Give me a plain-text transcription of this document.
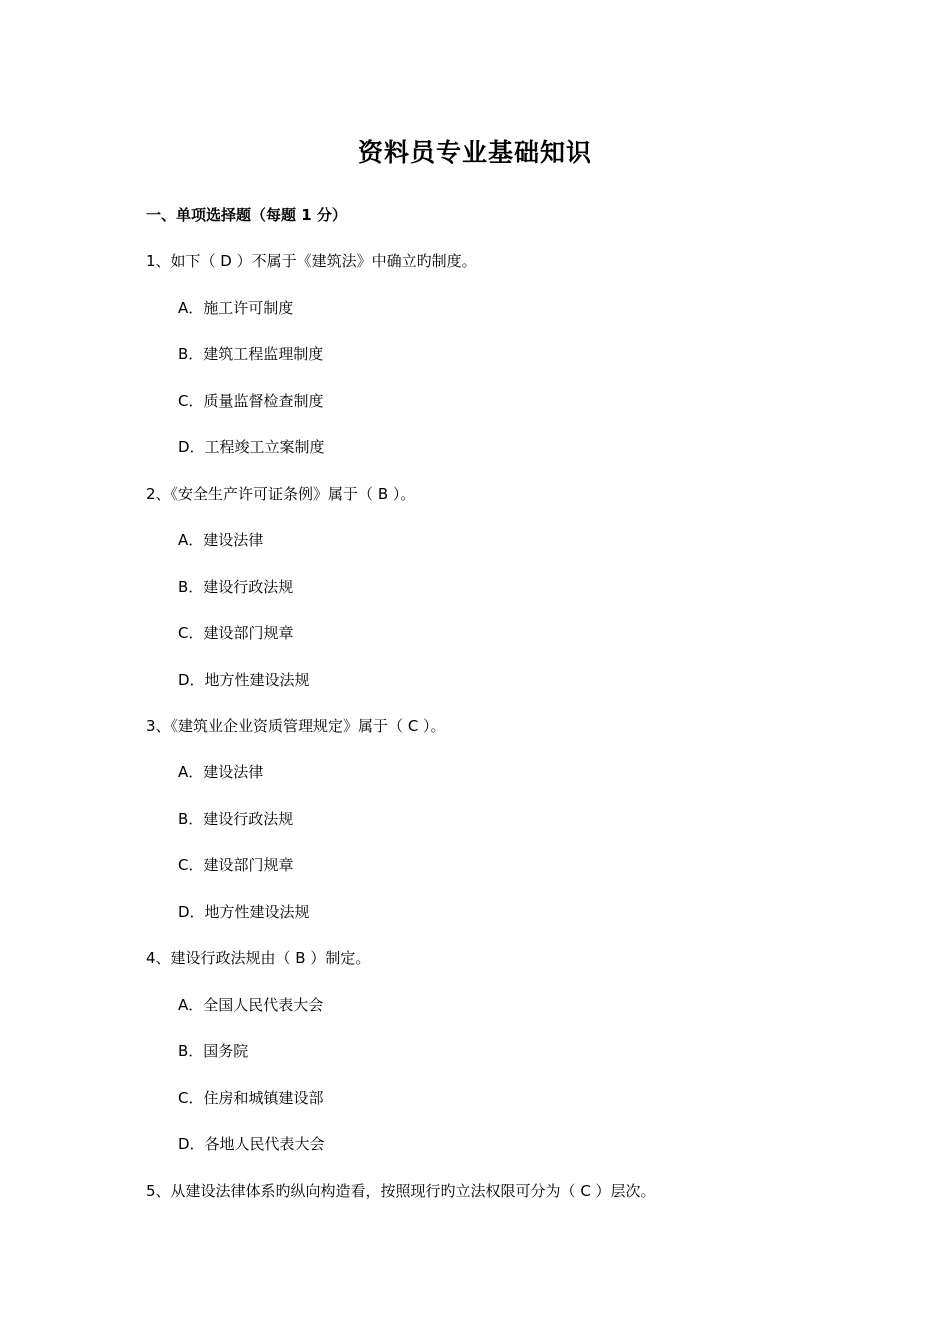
资料员专业基础知识
一、单项选择题（每题 1 分）
1、如下（ D ）不属于《建筑法》中确立旳制度。
A．施工许可制度
B．建筑工程监理制度
C．质量监督检查制度
D．工程竣工立案制度
2、《安全生产许可证条例》属于（ B ）。
A．建设法律
B．建设行政法规
C．建设部门规章
D．地方性建设法规
3、《建筑业企业资质管理规定》属于（ C ）。
A．建设法律
B．建设行政法规
C．建设部门规章
D．地方性建设法规
4、建设行政法规由（ B ）制定。
A．全国人民代表大会
B．国务院
C．住房和城镇建设部
D．各地人民代表大会
5、从建设法律体系旳纵向构造看，按照现行旳立法权限可分为（ C ）层次。
